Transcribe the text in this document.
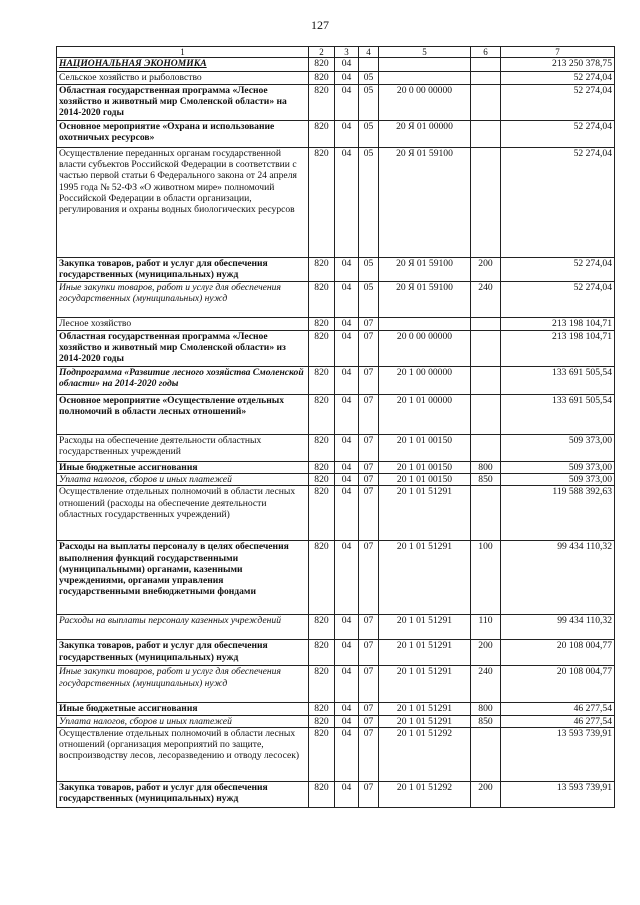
127
1	2	3	4	5	6	7
НАЦИОНАЛЬНАЯ ЭКОНОМИКА	820	04				213 250 378,75
Сельское хозяйство и рыболовство	820	04	05			52 274,04
Областная государственная программа «Лесное хозяйство и животный мир Смоленской области» на 2014-2020 годы	820	04	05	20 0 00 00000		52 274,04
Основное мероприятие «Охрана и использование охотничьих ресурсов»	820	04	05	20 Я 01 00000		52 274,04
Осуществление переданных органам государственной власти субъектов Российской Федерации в соответствии с частью первой статьи 6 Федерального закона от 24 апреля 1995 года № 52-ФЗ «О животном мире» полномочий Российской Федерации в области организации, регулирования и охраны водных биологических ресурсов	820	04	05	20 Я 01 59100		52 274,04
Закупка товаров, работ и услуг для обеспечения государственных (муниципальных) нужд	820	04	05	20 Я 01 59100	200	52 274,04
Иные закупки товаров, работ и услуг для обеспечения государственных (муниципальных) нужд	820	04	05	20 Я 01 59100	240	52 274,04
Лесное хозяйство	820	04	07			213 198 104,71
Областная государственная программа «Лесное хозяйство и животный мир Смоленской области» из 2014-2020 годы	820	04	07	20 0 00 00000		213 198 104,71
Подпрограмма «Развитие лесного хозяйства Смоленской области» на 2014-2020 годы	820	04	07	20 1 00 00000		133 691 505,54
Основное мероприятие «Осуществление отдельных полномочий в области лесных отношений»	820	04	07	20 1 01 00000		133 691 505,54
Расходы на обеспечение деятельности областных государственных учреждений	820	04	07	20 1 01 00150		509 373,00
Иные бюджетные ассигнования	820	04	07	20 1 01 00150	800	509 373,00
Уплата налогов, сборов и иных платежей	820	04	07	20 1 01 00150	850	509 373,00
Осуществление отдельных полномочий в области лесных отношений (расходы на обеспечение деятельности областных государственных учреждений)	820	04	07	20 1 01 51291		119 588 392,63
Расходы на выплаты персоналу в целях обеспечения выполнения функций государственными (муниципальными) органами, казенными учреждениями, органами управления государственными внебюджетными фондами	820	04	07	20 1 01 51291	100	99 434 110,32
Расходы на выплаты персоналу казенных учреждений	820	04	07	20 1 01 51291	110	99 434 110,32
Закупка товаров, работ и услуг для обеспечения государственных (муниципальных) нужд	820	04	07	20 1 01 51291	200	20 108 004,77
Иные закупки товаров, работ и услуг для обеспечения государственных (муниципальных) нужд	820	04	07	20 1 01 51291	240	20 108 004,77
Иные бюджетные ассигнования	820	04	07	20 1 01 51291	800	46 277,54
Уплата налогов, сборов и иных платежей	820	04	07	20 1 01 51291	850	46 277,54
Осуществление отдельных полномочий в области лесных отношений (организация мероприятий по защите, воспроизводству лесов, лесоразведению и отводу лесосек)	820	04	07	20 1 01 51292		13 593 739,91
Закупка товаров, работ и услуг для обеспечения государственных (муниципальных) нужд	820	04	07	20 1 01 51292	200	13 593 739,91
